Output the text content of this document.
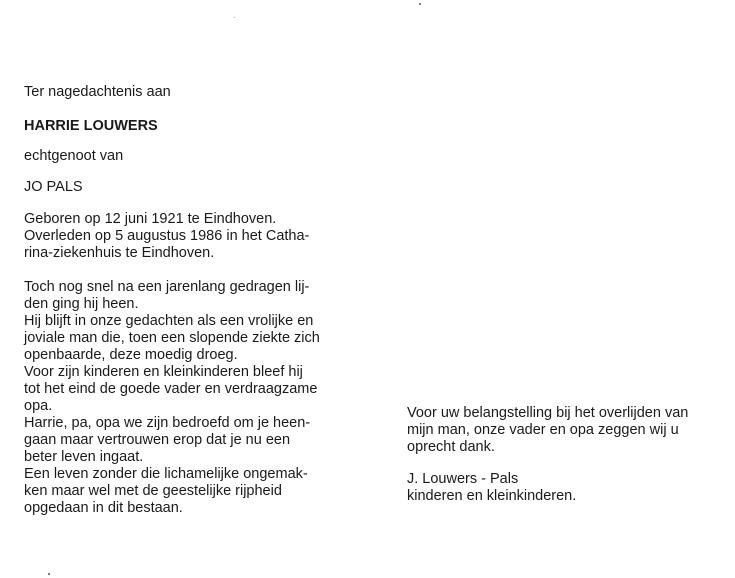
Ter nagedachtenis aan
HARRIE LOUWERS
echtgenoot van
JO PALS
Geboren op 12 juni 1921 te Eindhoven.
Overleden op 5 augustus 1986 in het Catha-
rina-ziekenhuis te Eindhoven.
Toch nog snel na een jarenlang gedragen lij-
den ging hij heen.
Hij blijft in onze gedachten als een vrolijke en
joviale man die, toen een slopende ziekte zich
openbaarde, deze moedig droeg.
Voor zijn kinderen en kleinkinderen bleef hij
tot het eind de goede vader en verdraagzame
opa.
Harrie, pa, opa we zijn bedroefd om je heen-
gaan maar vertrouwen erop dat je nu een
beter leven ingaat.
Een leven zonder die lichamelijke ongemak-
ken maar wel met de geestelijke rijpheid
opgedaan in dit bestaan.
Voor uw belangstelling bij het overlijden van
mijn man, onze vader en opa zeggen wij u
oprecht dank.
J. Louwers - Pals
kinderen en kleinkinderen.
